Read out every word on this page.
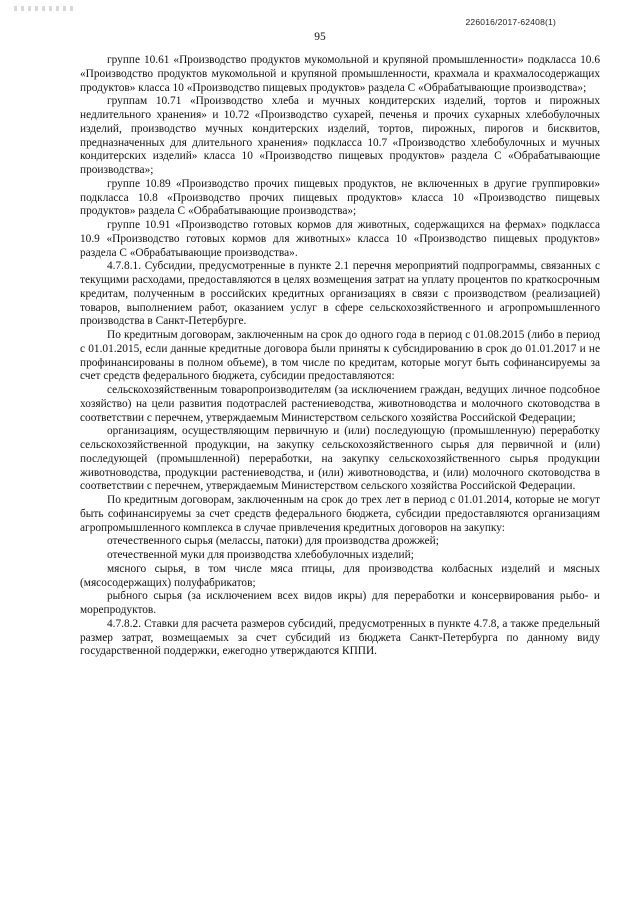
226016/2017-62408(1)
95

группе 10.61 «Производство продуктов мукомольной и крупяной промышленности» подкласса 10.6 «Производство продуктов мукомольной и крупяной промышленности, крахмала и крахмалосодержащих продуктов» класса 10 «Производство пищевых продуктов» раздела С «Обрабатывающие производства»;

группам 10.71 «Производство хлеба и мучных кондитерских изделий, тортов и пирожных недлительного хранения» и 10.72 «Производство сухарей, печенья и прочих сухарных хлебобулочных изделий, производство мучных кондитерских изделий, тортов, пирожных, пирогов и бисквитов, предназначенных для длительного хранения» подкласса 10.7 «Производство хлебобулочных и мучных кондитерских изделий» класса 10 «Производство пищевых продуктов» раздела С «Обрабатывающие производства»;

группе 10.89 «Производство прочих пищевых продуктов, не включенных в другие группировки» подкласса 10.8 «Производство прочих пищевых продуктов» класса 10 «Производство пищевых продуктов» раздела С «Обрабатывающие производства»;

группе 10.91 «Производство готовых кормов для животных, содержащихся на фермах» подкласса 10.9 «Производство готовых кормов для животных» класса 10 «Производство пищевых продуктов» раздела С «Обрабатывающие производства».

4.7.8.1. Субсидии, предусмотренные в пункте 2.1 перечня мероприятий подпрограммы, связанных с текущими расходами, предоставляются в целях возмещения затрат на уплату процентов по краткосрочным кредитам, полученным в российских кредитных организациях в связи с производством (реализацией) товаров, выполнением работ, оказанием услуг в сфере сельскохозяйственного и агропромышленного производства в Санкт-Петербурге.

По кредитным договорам, заключенным на срок до одного года в период с 01.08.2015 (либо в период с 01.01.2015, если данные кредитные договора были приняты к субсидированию в срок до 01.01.2017 и не профинансированы в полном объеме), в том числе по кредитам, которые могут быть софинансируемы за счет средств федерального бюджета, субсидии предоставляются:

сельскохозяйственным товаропроизводителям (за исключением граждан, ведущих личное подсобное хозяйство) на цели развития подотраслей растениеводства, животноводства и молочного скотоводства в соответствии с перечнем, утверждаемым Министерством сельского хозяйства Российской Федерации;

организациям, осуществляющим первичную и (или) последующую (промышленную) переработку сельскохозяйственной продукции, на закупку сельскохозяйственного сырья для первичной и (или) последующей (промышленной) переработки, на закупку сельскохозяйственного сырья продукции животноводства, продукции растениеводства, и (или) животноводства, и (или) молочного скотоводства в соответствии с перечнем, утверждаемым Министерством сельского хозяйства Российской Федерации.

По кредитным договорам, заключенным на срок до трех лет в период с 01.01.2014, которые не могут быть софинансируемы за счет средств федерального бюджета, субсидии предоставляются организациям агропромышленного комплекса в случае привлечения кредитных договоров на закупку:

отечественного сырья (мелассы, патоки) для производства дрожжей;

отечественной муки для производства хлебобулочных изделий;

мясного сырья, в том числе мяса птицы, для производства колбасных изделий и мясных (мясосодержащих) полуфабрикатов;

рыбного сырья (за исключением всех видов икры) для переработки и консервирования рыбо- и морепродуктов.

4.7.8.2. Ставки для расчета размеров субсидий, предусмотренных в пункте 4.7.8, а также предельный размер затрат, возмещаемых за счет субсидий из бюджета Санкт-Петербурга по данному виду государственной поддержки, ежегодно утверждаются КППИ.
